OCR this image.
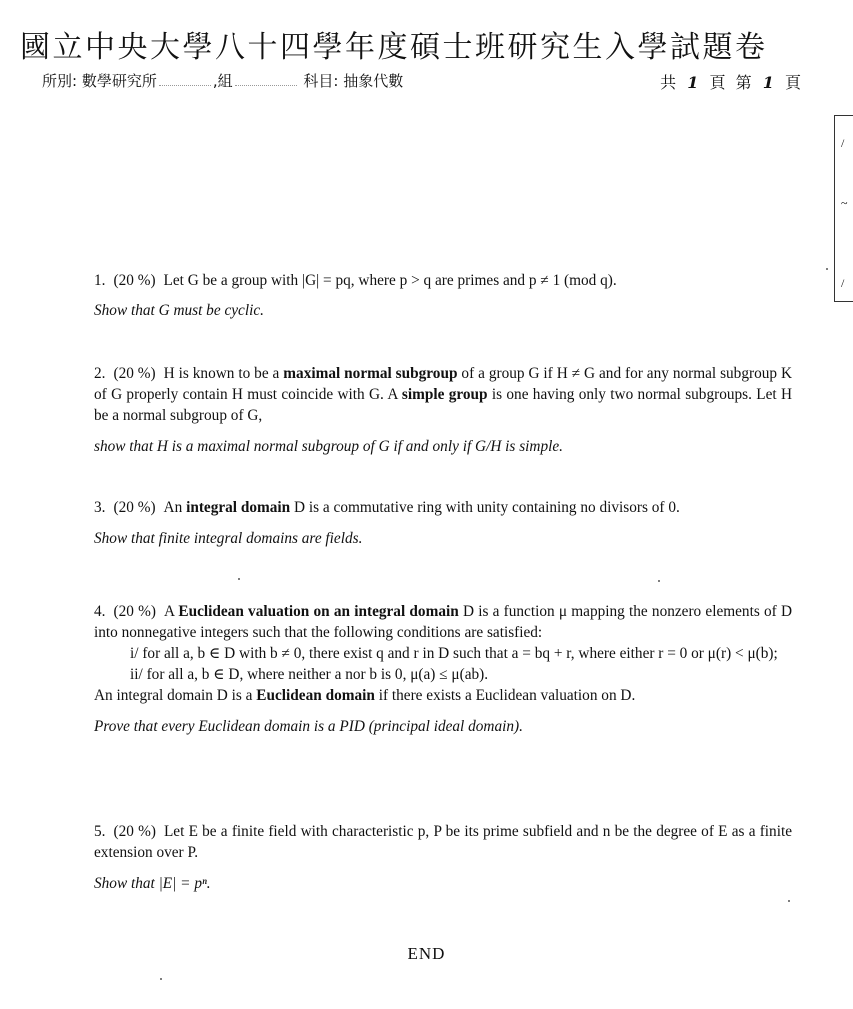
國立中央大學八十四學年度碩士班研究生入學試題卷
所別: 數學研究所	,組	科目: 抽象代數	共 1 頁 第 1 頁
/
~
/

1. (20 %) Let G be a group with |G| = pq, where p > q are primes and p ≠ 1 (mod q).

Show that G must be cyclic.

2. (20 %) H is known to be a maximal normal subgroup of a group G if H ≠ G and for any normal subgroup K of G properly contain H must coincide with G. A simple group is one having only two normal subgroups. Let H be a normal subgroup of G,

show that H is a maximal normal subgroup of G if and only if G/H is simple.

3. (20 %) An integral domain D is a commutative ring with unity containing no divisors of 0.

Show that finite integral domains are fields.

4. (20 %) A Euclidean valuation on an integral domain D is a function μ mapping the nonzero elements of D into nonnegative integers such that the following conditions are satisfied:

i/ for all a, b ∈ D with b ≠ 0, there exist q and r in D such that a = bq + r, where either r = 0 or μ(r) < μ(b);

ii/ for all a, b ∈ D, where neither a nor b is 0, μ(a) ≤ μ(ab).

An integral domain D is a Euclidean domain if there exists a Euclidean valuation on D.

Prove that every Euclidean domain is a PID (principal ideal domain).

5. (20 %) Let E be a finite field with characteristic p, P be its prime subfield and n be the degree of E as a finite extension over P.

Show that |E| = pⁿ.

END
